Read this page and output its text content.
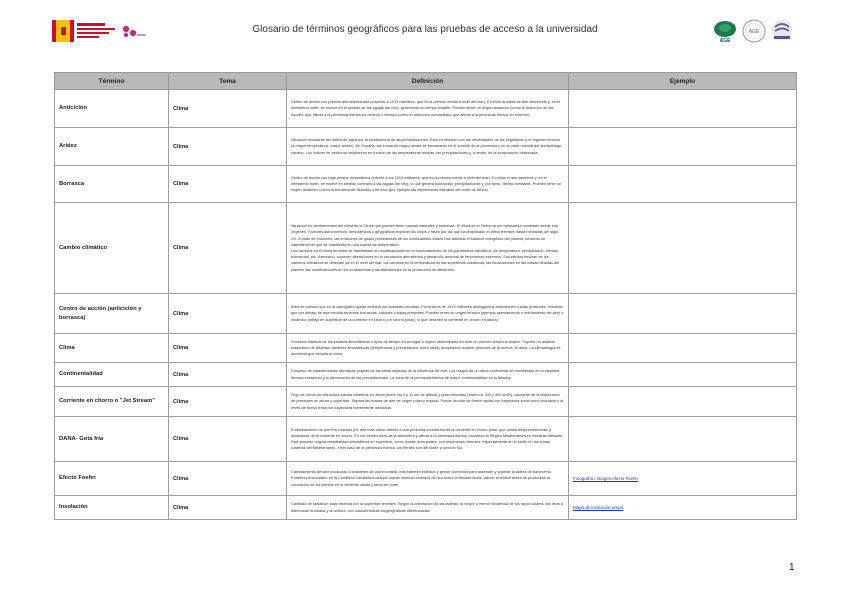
Glosario de términos geográficos para las pruebas de acceso a la universidad
AGE
AGE
Término	Tema	Definición	Ejemplo
Anticiclón	Clima	Centro de acción con presión atmosférica alta (superior a 1013 milibares, que es la presión media a nivel del mar). En ellos la masa de aire desciende y, en el hemisferio norte, se mueve en el sentido de las agujas del reloj, generando un tiempo estable. Pueden tener un origen dinámico (como el anticiclón de las Azores, que afecta a la península Ibérica en verano) o térmico (como el anticiclón euroasiático que afecta a la península Ibérica en invierno).	

Aridez	Clima	Situación resultante del déficit de agua por la insuficiencia de las precipitaciones. Está en relación con las necesidades de las vegetación y el régimen térmico (a mayor temperatura, mayor aridez). En España, las zonas de mayor aridez se encuentran en el sureste de la península y en la parte oriental del archipiélago canario. Los índices de aridez se establecen en función de las temperaturas medias, las precipitaciones y, a veces, de la evaporación observada.	

Borrasca	Clima	Centro de acción con baja presión atmosférica (inferior a los 1013 milibares, que es la presión media a nivel del mar). En ellas el aire asciende y, en el hemisferio norte, se mueve en sentido contrario a las agujas del reloj, lo que genera nubosidad, precipitaciones y, por tanto, tiempo inestable. Pueden tener un origen dinámico (como la borrasca de Islandia) o térmico (por ejemplo las depresiones estivales del norte de África).	

Cambio climático	Clima	Variación en los elementos del clima de la Tierra que pueden tener causas naturales y humanas. El clima de la Tierra ha por naturaleza cambiado desde sus orígenes. Factores astronómicos, atmosféricos y geográficos explican los ciclos y fases por las que ha atravesado el clima terrestre hasta mediados del siglo XX. A partir de entonces, las emisiones de gases procedentes de los combustibles fósiles han alterado el balance energético del planeta, llevando un calentamiento que se manifiesta en una subida de temperatura.

Los cambios en el clima terrestre se manifiestan en modificaciones en el funcionamiento de los parámetros climáticos (de temperatura, precipitación, vientos, nubosidad, etc. Asimismo, suponen alteraciones en la circulación atmosférica y desarrollo anormal de fenómenos extremos. Sus efectos tendrán de los cambios climáticos se detectan ya en el nivel del mar, los cambios en la temperatura de las superficies oceánicas, las fluctuaciones en las masas heladas del planeta, las modificaciones en los ecosistemas y las alteraciones en la producción de alimentos.	

Centro de acción (anticiclón y borrasca)	Clima	Área de presión que en la cartografía queda definida por isobaras cerradas. Por encima de 1013 milibares distinguimos anticiclones o altas presiones, mientras que por debajo de esa medida tenemos borrascas, ciclones o bajas presiones. Pueden tener un origen térmico (ejemplo asentamiento o enfriamiento del aire) o dinámico (reflejo en superficie de la corriente en chorro o el chorro polar), lo que describe la corriente en chorro en altura).	

Clima	Clima	Sucesión habitual de los estados atmosféricos o tipos de tiempo en un lugar o región determinado durante un período temporal amplio. Supone un análisis estadístico de distintas variables atmosféricas (temperatura y precipitación, entre otras) recopilados durante períodos de al menos 30 años. La climatología es la ciencia que estudia el clima.	

Continentalidad	Clima	Conjunto de características climáticas propias de las áreas alejadas de la influencia del mar. Los rasgos de un clima continental se manifiestan en la amplitud térmica intraanual y la disminución de las precipitaciones. La zona de la península Ibérica de mayor continentalidad es la Meseta.	

Corriente en chorro o "Jet Stream"	Clima	Flujo de viento de estructura tubular existente en altura (entre los 9 y 11 km de altitud) y gran velocidad (entre los 300 y 400 km/h), causante de la distribución de presiones en altura y superficie. Separa las masas de aire de origen polar y tropical. Puede circular de forma rápida con trayectoria zonal poco ondulada o al revés de forma lenta con trayectoria fuertemente ondulada.	

DANA- Gota fría	Clima	Embolsamiento de aire frío rodeado por aire más cálido debido a una profunda ondulación de la corriente en chorro polar, que acaba desprendiéndose y aislándose de la corriente en chorro. En los niveles altos de la atmósfera y afecta a la península ibérica, cruzando la Región Mediterránea en nuestras latitudes. Este proceso origina inestabilidad atmosférica en superficie, como lluvias torrenciales, con fenómenos intensos, especialmente en el otoño en las zonas costeras del Mediterráneo, en el caso de la península Ibérica, los frentes son del Norte y fuera el Sur.	

Efecto Foehn	Clima	Calentamiento del aire producido a sotavento de una montaña, tras haberse enfriado y perder humedad para ascender y superar la ladera de barlovento. Podemos encontrarlo en la Cordillera Cantábrica cuando soplan vientos húmedos del sur sobre la Meseta Norte, dando al relieve antes de producirse la circulación de los vientos en la vertiente cálida y seca del norte.	Fotografía / imagen efecto Foehn
Insolación	Clima	Cantidad de radiación solar recibida por la superficie terrestre. Según la orientación de las laderas, la mayor o menor incidencia de los rayos solares nos lleva a diferenciar la solana y la umbría, con características biogeográficas diferenciadas.	Mapa de insolación anual
1
